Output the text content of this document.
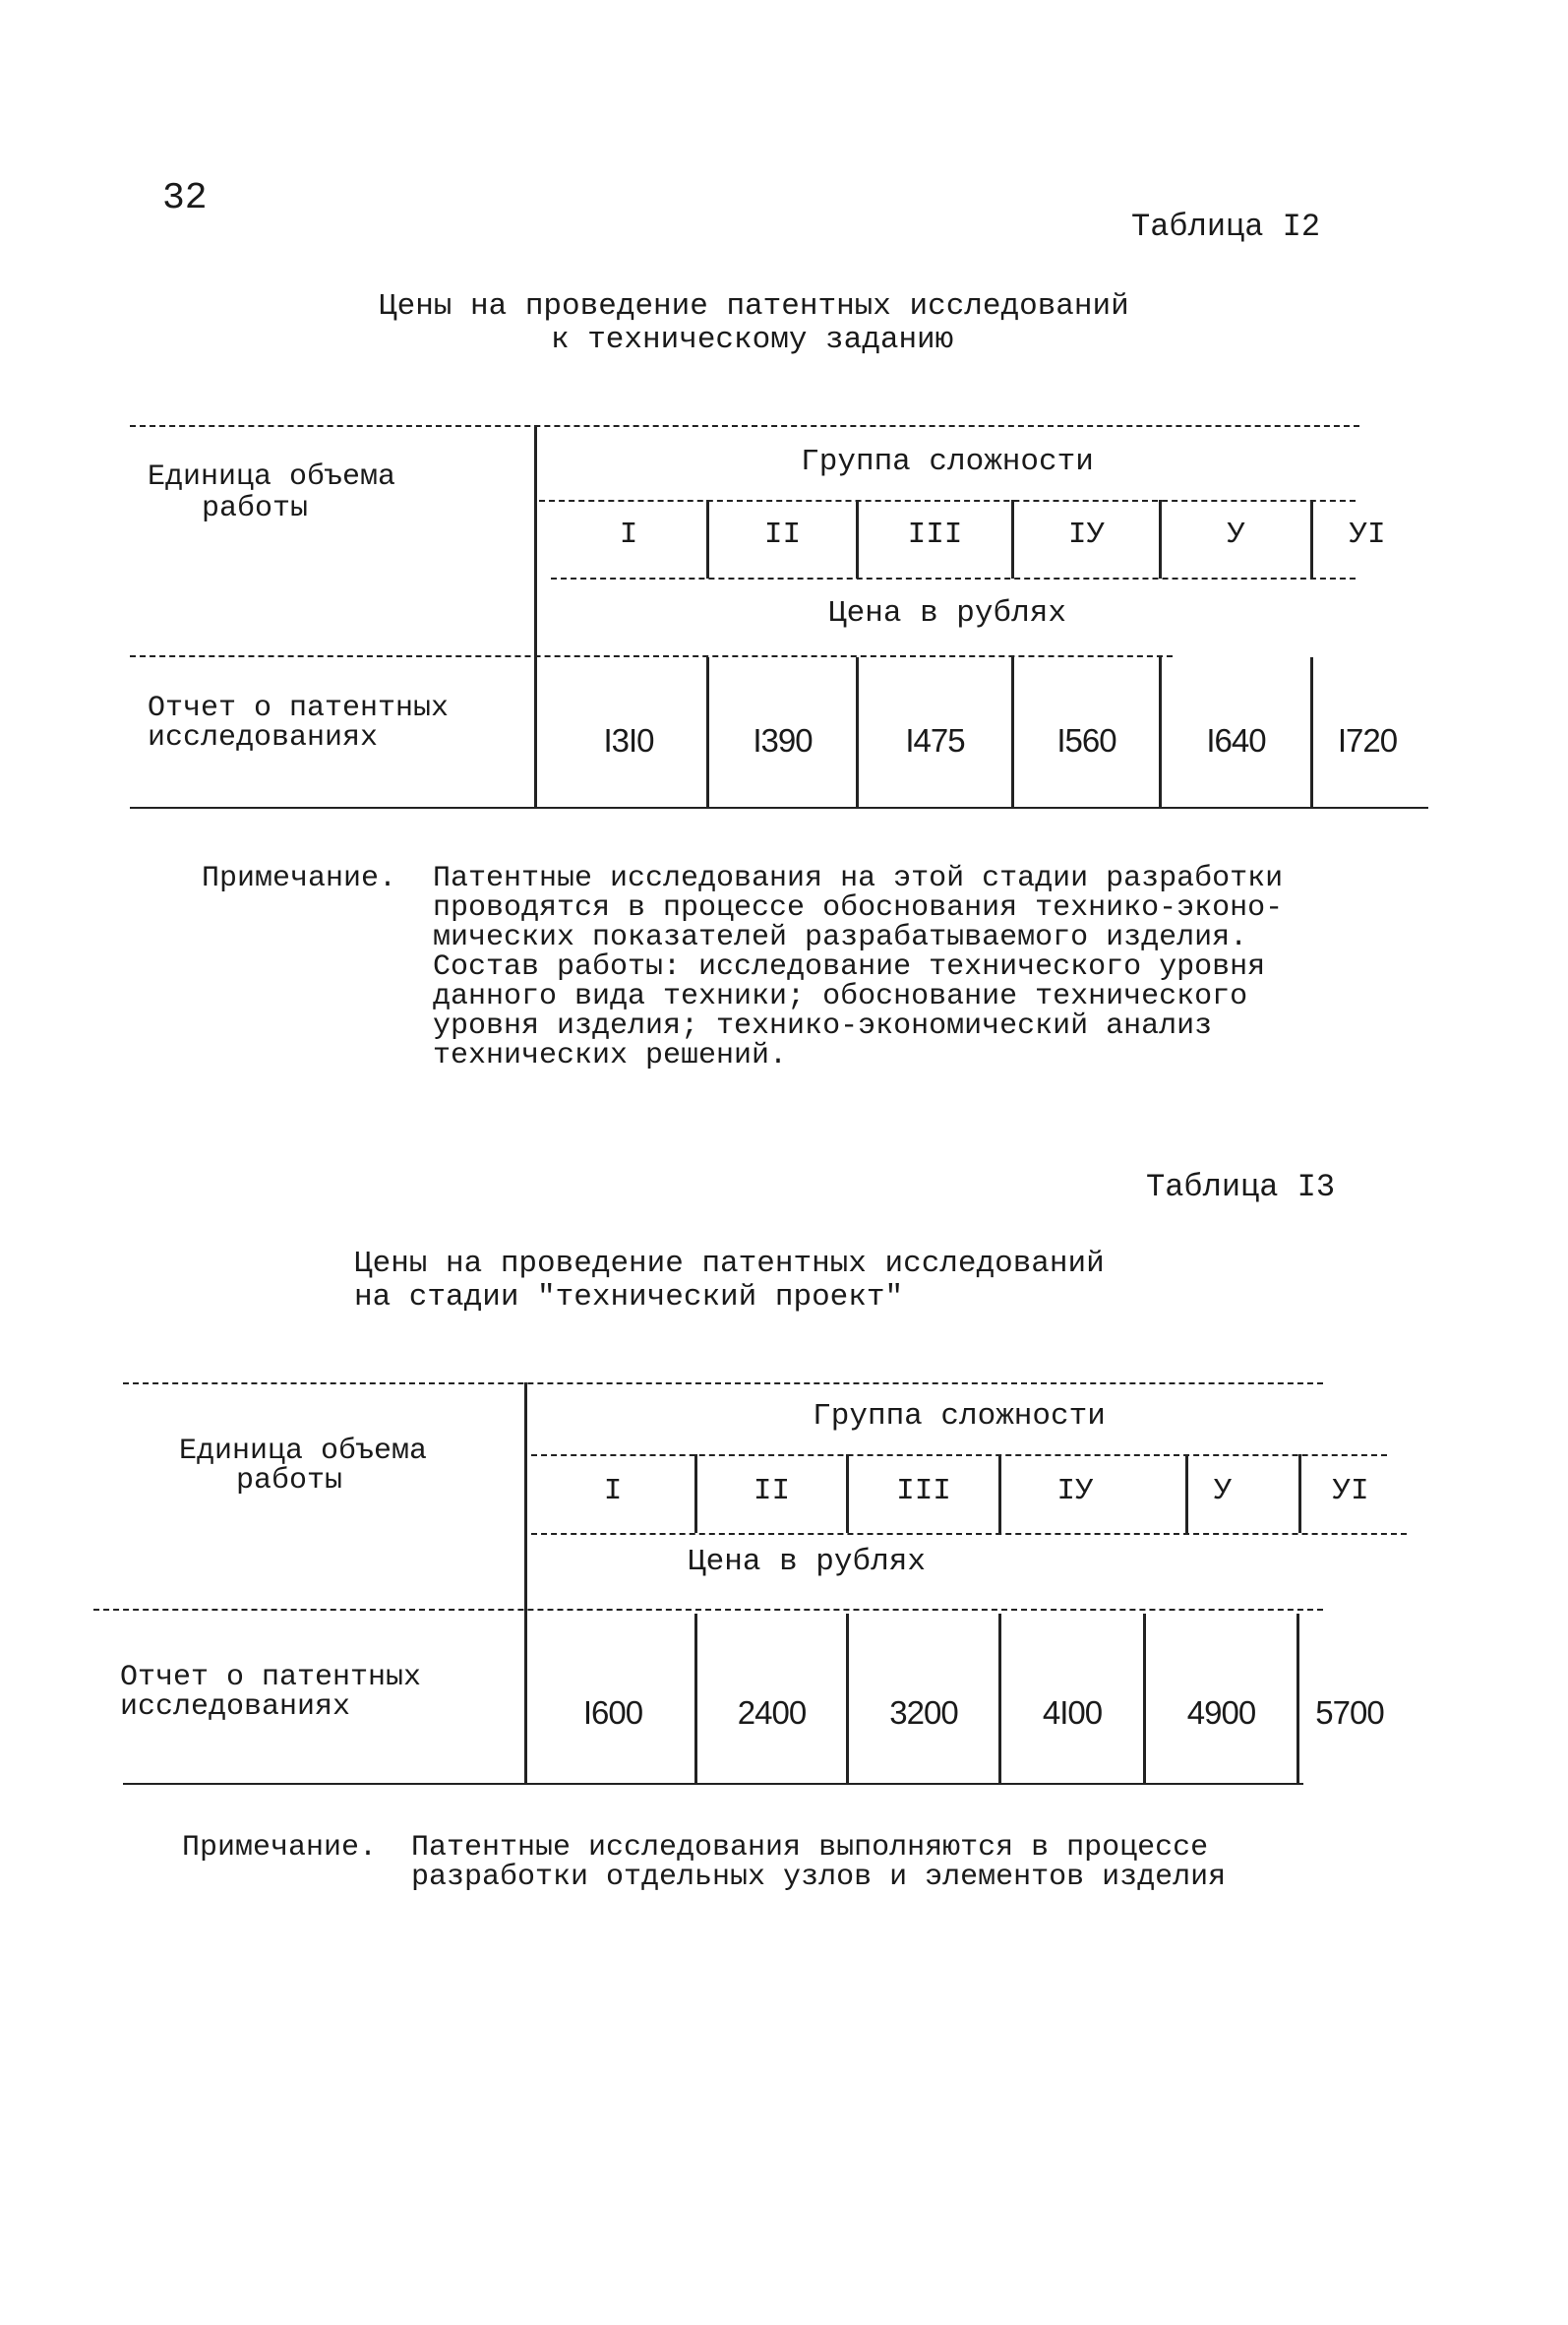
32
Таблица I2
Цены на проведение патентных исследований
к техническому заданию
Единица объема
работы
Группа сложности
I	II	III	IУ	У	УI
Цена в рублях
Отчет о патентных
исследованиях	I3I0	I390	I475	I560	I640	I720
Примечание. Патентные исследования на этой стадии разработки
проводятся в процессе обоснования технико-эконо-
мических показателей разрабатываемого изделия.
Состав работы: исследование технического уровня
данного вида техники; обоснование технического
уровня изделия; технико-экономический анализ
технических решений.
Таблица I3
Цены на проведение патентных исследований
на стадии "технический проект"
Единица объема
работы
Группа сложности
I	II	III	IУ	У	УI
Цена в рублях
Отчет о патентных
исследованиях	I600	2400	3200	4I00	4900	5700
Примечание. Патентные исследования выполняются в процессе
разработки отдельных узлов и элементов изделия
